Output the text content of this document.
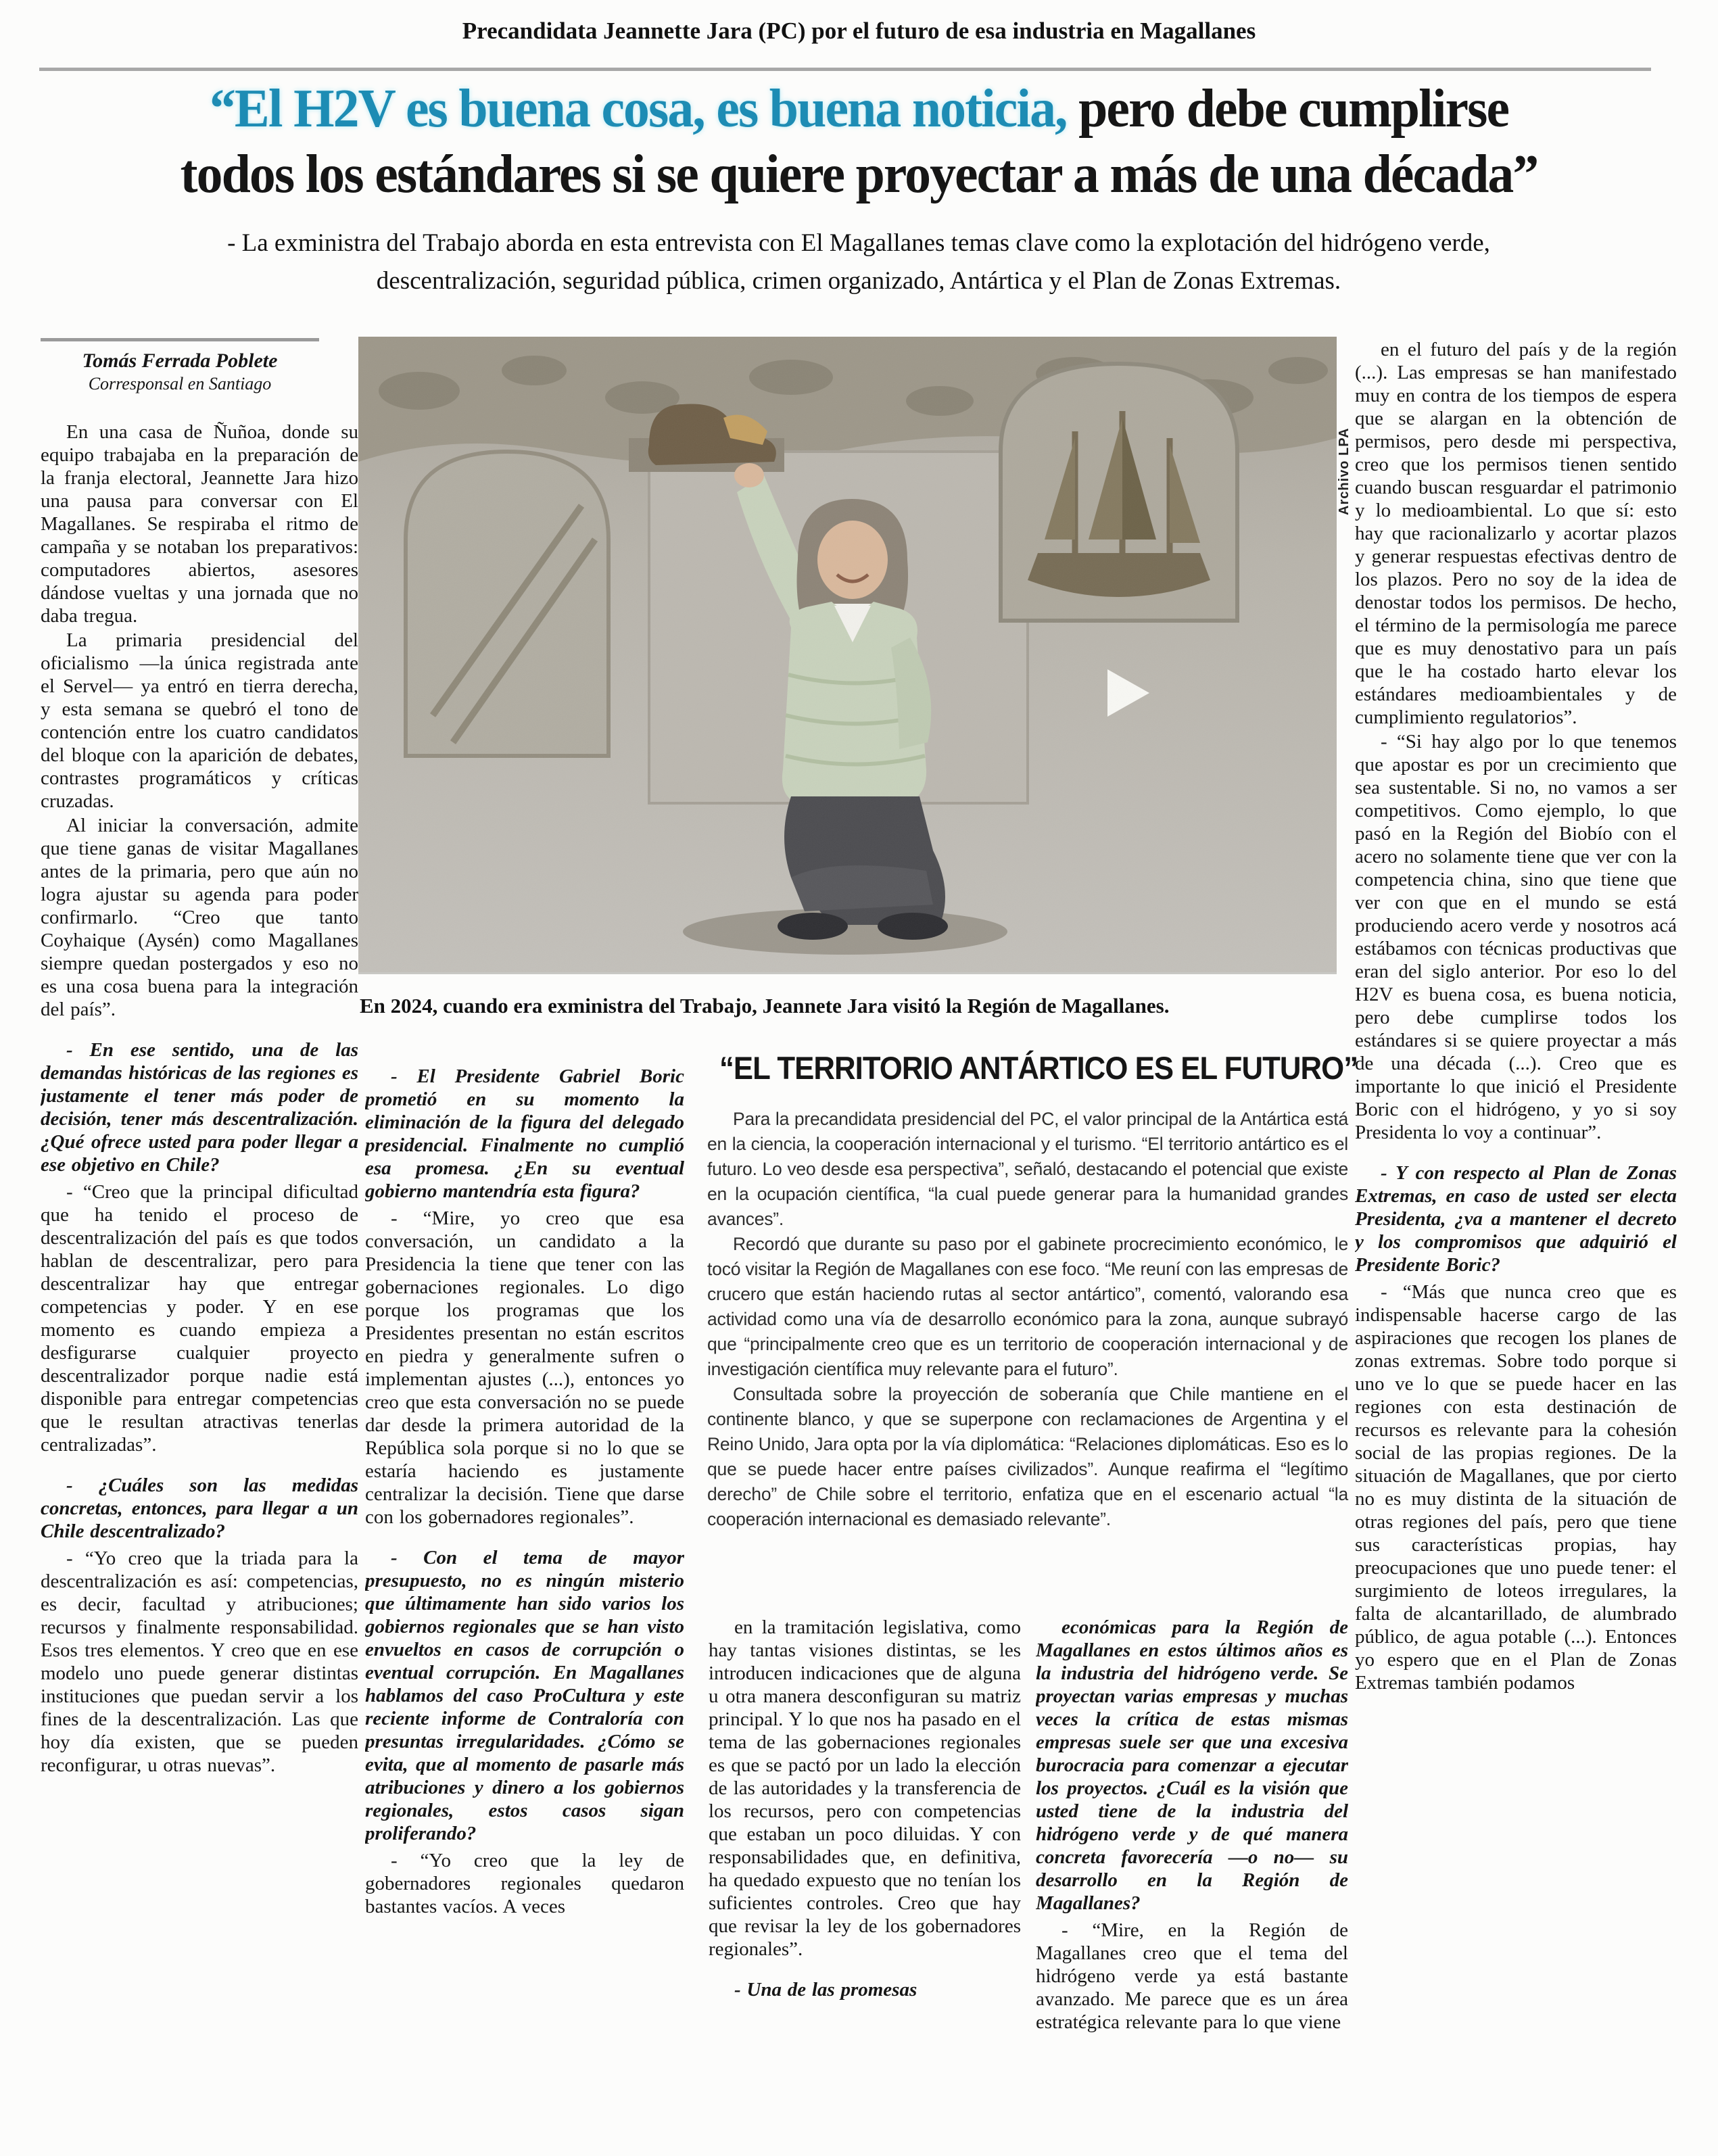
Precandidata Jeannette Jara (PC) por el futuro de esa industria en Magallanes
“El H2V es buena cosa, es buena noticia, pero debe cumplirse
todos los estándares si se quiere proyectar a más de una década”
- La exministra del Trabajo aborda en esta entrevista con El Magallanes temas clave como la explotación del hidrógeno verde, descentralización, seguridad pública, crimen organizado, Antártica y el Plan de Zonas Extremas.
Tomás Ferrada Poblete
Corresponsal en Santiago

En una casa de Ñuñoa, donde su equipo trabajaba en la preparación de la franja electoral, Jeannette Jara hizo una pausa para conversar con El Magallanes. Se respiraba el ritmo de campaña y se notaban los preparativos: computadores abiertos, asesores dándose vueltas y una jornada que no daba tregua.

La primaria presidencial del oficialismo —la única registrada ante el Servel— ya entró en tierra derecha, y esta semana se quebró el tono de contención entre los cuatro candidatos del bloque con la aparición de debates, contrastes programáticos y críticas cruzadas.

Al iniciar la conversación, admite que tiene ganas de visitar Magallanes antes de la primaria, pero que aún no logra ajustar su agenda para poder confirmarlo. “Creo que tanto Coyhaique (Aysén) como Magallanes siempre quedan postergados y eso no es una cosa buena para la integración del país”.

- En ese sentido, una de las demandas históricas de las regiones es justamente el tener más poder de decisión, tener más descentralización. ¿Qué ofrece usted para poder llegar a ese objetivo en Chile?

- “Creo que la principal dificultad que ha tenido el proceso de descentralización del país es que todos hablan de descentralizar, pero para descentralizar hay que entregar competencias y poder. Y en ese momento es cuando empieza a desfigurarse cualquier proyecto descentralizador porque nadie está disponible para entregar competencias que le resultan atractivas tenerlas centralizadas”.

- ¿Cuáles son las medidas concretas, entonces, para llegar a un Chile descentralizado?

- “Yo creo que la triada para la descentralización es así: competencias, es decir, facultad y atribuciones; recursos y finalmente responsabilidad. Esos tres elementos. Y creo que en ese modelo uno puede generar distintas instituciones que puedan servir a los fines de la descentralización. Las que hoy día existen, que se pueden reconfigurar, u otras nuevas”.

Archivo LPA
En 2024, cuando era exministra del Trabajo, Jeannete Jara visitó la Región de Magallanes.

- El Presidente Gabriel Boric prometió en su momento la eliminación de la figura del delegado presidencial. Finalmente no cumplió esa promesa. ¿En su eventual gobierno mantendría esta figura?

- “Mire, yo creo que esa conversación, un candidato a la Presidencia la tiene que tener con las gobernaciones regionales. Lo digo porque los programas que los Presidentes presentan no están escritos en piedra y generalmente sufren o implementan ajustes (...), entonces yo creo que esta conversación no se puede dar desde la primera autoridad de la República sola porque si no lo que se estaría haciendo es justamente centralizar la decisión. Tiene que darse con los gobernadores regionales”.

- Con el tema de mayor presupuesto, no es ningún misterio que últimamente han sido varios los gobiernos regionales que se han visto envueltos en casos de corrupción o eventual corrupción. En Magallanes hablamos del caso ProCultura y este reciente informe de Contraloría con presuntas irregularidades. ¿Cómo se evita, que al momento de pasarle más atribuciones y dinero a los gobiernos regionales, estos casos sigan proliferando?

- “Yo creo que la ley de gobernadores regionales quedaron bastantes vacíos. A veces

“EL TERRITORIO ANTÁRTICO ES EL FUTURO”

Para la precandidata presidencial del PC, el valor principal de la Antártica está en la ciencia, la cooperación internacional y el turismo. “El territorio antártico es el futuro. Lo veo desde esa perspectiva”, señaló, destacando el potencial que existe en la ocupación científica, “la cual puede generar para la humanidad grandes avances”.

Recordó que durante su paso por el gabinete procrecimiento económico, le tocó visitar la Región de Magallanes con ese foco. “Me reuní con las empresas de crucero que están haciendo rutas al sector antártico”, comentó, valorando esa actividad como una vía de desarrollo económico para la zona, aunque subrayó que “principalmente creo que es un territorio de cooperación internacional y de investigación científica muy relevante para el futuro”.

Consultada sobre la proyección de soberanía que Chile mantiene en el continente blanco, y que se superpone con reclamaciones de Argentina y el Reino Unido, Jara opta por la vía diplomática: “Relaciones diplomáticas. Eso es lo que se puede hacer entre países civilizados”. Aunque reafirma el “legítimo derecho” de Chile sobre el territorio, enfatiza que en el escenario actual “la cooperación internacional es demasiado relevante”.

en la tramitación legislativa, como hay tantas visiones distintas, se les introducen indicaciones que de alguna u otra manera desconfiguran su matriz principal. Y lo que nos ha pasado en el tema de las gobernaciones regionales es que se pactó por un lado la elección de las autoridades y la transferencia de los recursos, pero con competencias que estaban un poco diluidas. Y con responsabilidades que, en definitiva, ha quedado expuesto que no tenían los suficientes controles. Creo que hay que revisar la ley de los gobernadores regionales”.

- Una de las promesas

económicas para la Región de Magallanes en estos últimos años es la industria del hidrógeno verde. Se proyectan varias empresas y muchas veces la crítica de estas mismas empresas suele ser que una excesiva burocracia para comenzar a ejecutar los proyectos. ¿Cuál es la visión que usted tiene de la industria del hidrógeno verde y de qué manera concreta favorecería —o no— su desarrollo en la Región de Magallanes?

- “Mire, en la Región de Magallanes creo que el tema del hidrógeno verde ya está bastante avanzado. Me parece que es un área estratégica relevante para lo que viene

en el futuro del país y de la región (...). Las empresas se han manifestado muy en contra de los tiempos de espera que se alargan en la obtención de permisos, pero desde mi perspectiva, creo que los permisos tienen sentido cuando buscan resguardar el patrimonio y lo medioambiental. Lo que sí: esto hay que racionalizarlo y acortar plazos y generar respuestas efectivas dentro de los plazos. Pero no soy de la idea de denostar todos los permisos. De hecho, el término de la permisología me parece que es muy denostativo para un país que le ha costado harto elevar los estándares medioambientales y de cumplimiento regulatorios”.

- “Si hay algo por lo que tenemos que apostar es por un crecimiento que sea sustentable. Si no, no vamos a ser competitivos. Como ejemplo, lo que pasó en la Región del Biobío con el acero no solamente tiene que ver con la competencia china, sino que tiene que ver con que en el mundo se está produciendo acero verde y nosotros acá estábamos con técnicas productivas que eran del siglo anterior. Por eso lo del H2V es buena cosa, es buena noticia, pero debe cumplirse todos los estándares si se quiere proyectar a más de una década (...). Creo que es importante lo que inició el Presidente Boric con el hidrógeno, y yo si soy Presidenta lo voy a continuar”.

- Y con respecto al Plan de Zonas Extremas, en caso de usted ser electa Presidenta, ¿va a mantener el decreto y los compromisos que adquirió el Presidente Boric?

- “Más que nunca creo que es indispensable hacerse cargo de las aspiraciones que recogen los planes de zonas extremas. Sobre todo porque si uno ve lo que se puede hacer en las regiones con esta destinación de recursos es relevante para la cohesión social de las propias regiones. De la situación de Magallanes, que por cierto no es muy distinta de la situación de otras regiones del país, pero que tiene sus características propias, hay preocupaciones que uno puede tener: el surgimiento de loteos irregulares, la falta de alcantarillado, de alumbrado público, de agua potable (...). Entonces yo espero que en el Plan de Zonas Extremas también podamos
